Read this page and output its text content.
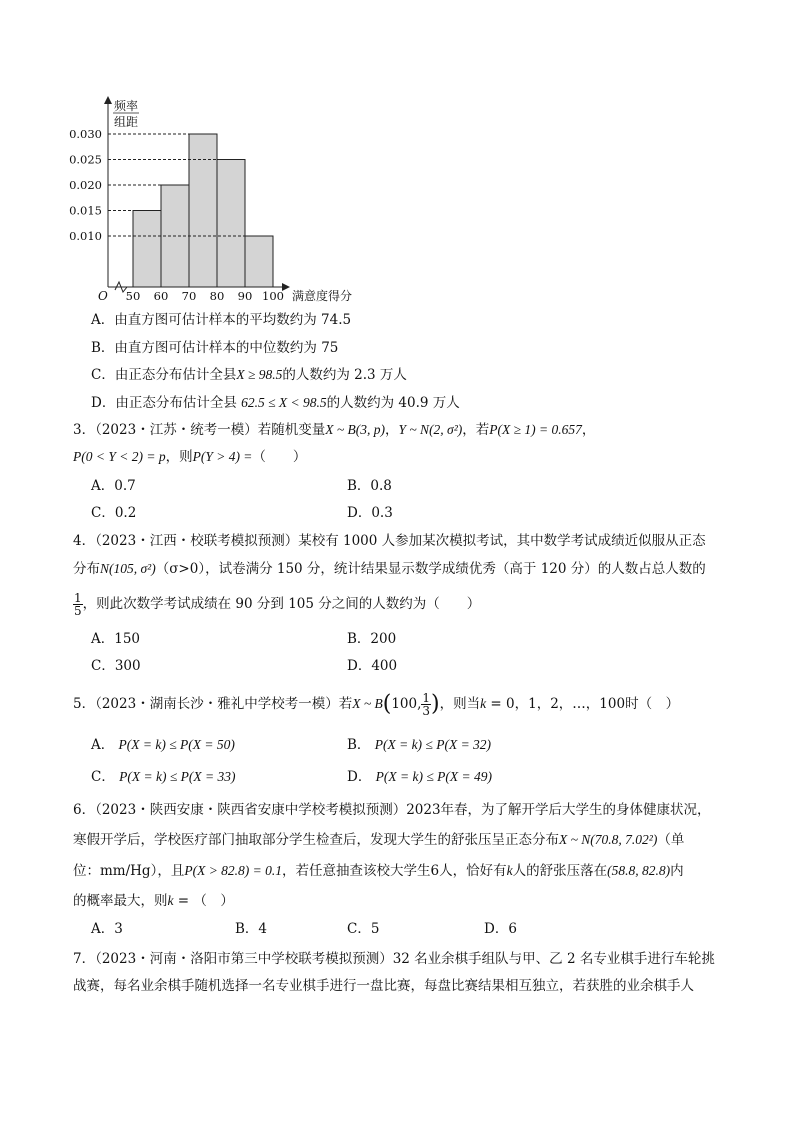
0.010
0.015
0.020
0.025
0.030
50 60 70 80 90 100
O	满意度得分
频率
组距
A．由直方图可估计样本的平均数约为 74.5
B．由直方图可估计样本的中位数约为 75
C．由正态分布估计全县X ≥ 98.5的人数约为 2.3 万人
D．由正态分布估计全县 62.5 ≤ X < 98.5的人数约为 40.9 万人
3．（2023・江苏・统考一模）若随机变量X ~ B(3, p)，Y ~ N(2, σ²)，若P(X ≥ 1) = 0.657，
P(0 < Y < 2) = p，则P(Y > 4) =（　　）
A．0.7	B．0.8
C．0.2	D．0.3
4．（2023・江西・校联考模拟预测）某校有 1000 人参加某次模拟考试，其中数学考试成绩近似服从正态
分布N(105, σ²)（σ>0），试卷满分 150 分，统计结果显示数学成绩优秀（高于 120 分）的人数占总人数的
$\frac{1}{5}$ ，则此次数学考试成绩在 90 分到 105 分之间的人数约为（　　）
A．150	B．200
C．300	D．400
5．（2023・湖南长沙・雅礼中学校考一模）若X ~ B(100, $\frac{1}{3}$ )，则当k = 0，1，2，…，100时（　）
A． P(X = k) ≤ P(X = 50)	B． P(X = k) ≤ P(X = 32)
C． P(X = k) ≤ P(X = 33)	D． P(X = k) ≤ P(X = 49)
6．（2023・陕西安康・陕西省安康中学校考模拟预测）2023年春，为了解开学后大学生的身体健康状况，
寒假开学后，学校医疗部门抽取部分学生检查后，发现大学生的舒张压呈正态分布X ~ N(70.8, 7.02²)（单
位：mm/Hg），且P(X > 82.8) = 0.1，若任意抽查该校大学生6人，恰好有k人的舒张压落在(58.8, 82.8)内
的概率最大，则k = （　）
A．3	B．4	C．5	D．6
7．（2023・河南・洛阳市第三中学校联考模拟预测）32 名业余棋手组队与甲、乙 2 名专业棋手进行车轮挑
战赛，每名业余棋手随机选择一名专业棋手进行一盘比赛，每盘比赛结果相互独立，若获胜的业余棋手人
